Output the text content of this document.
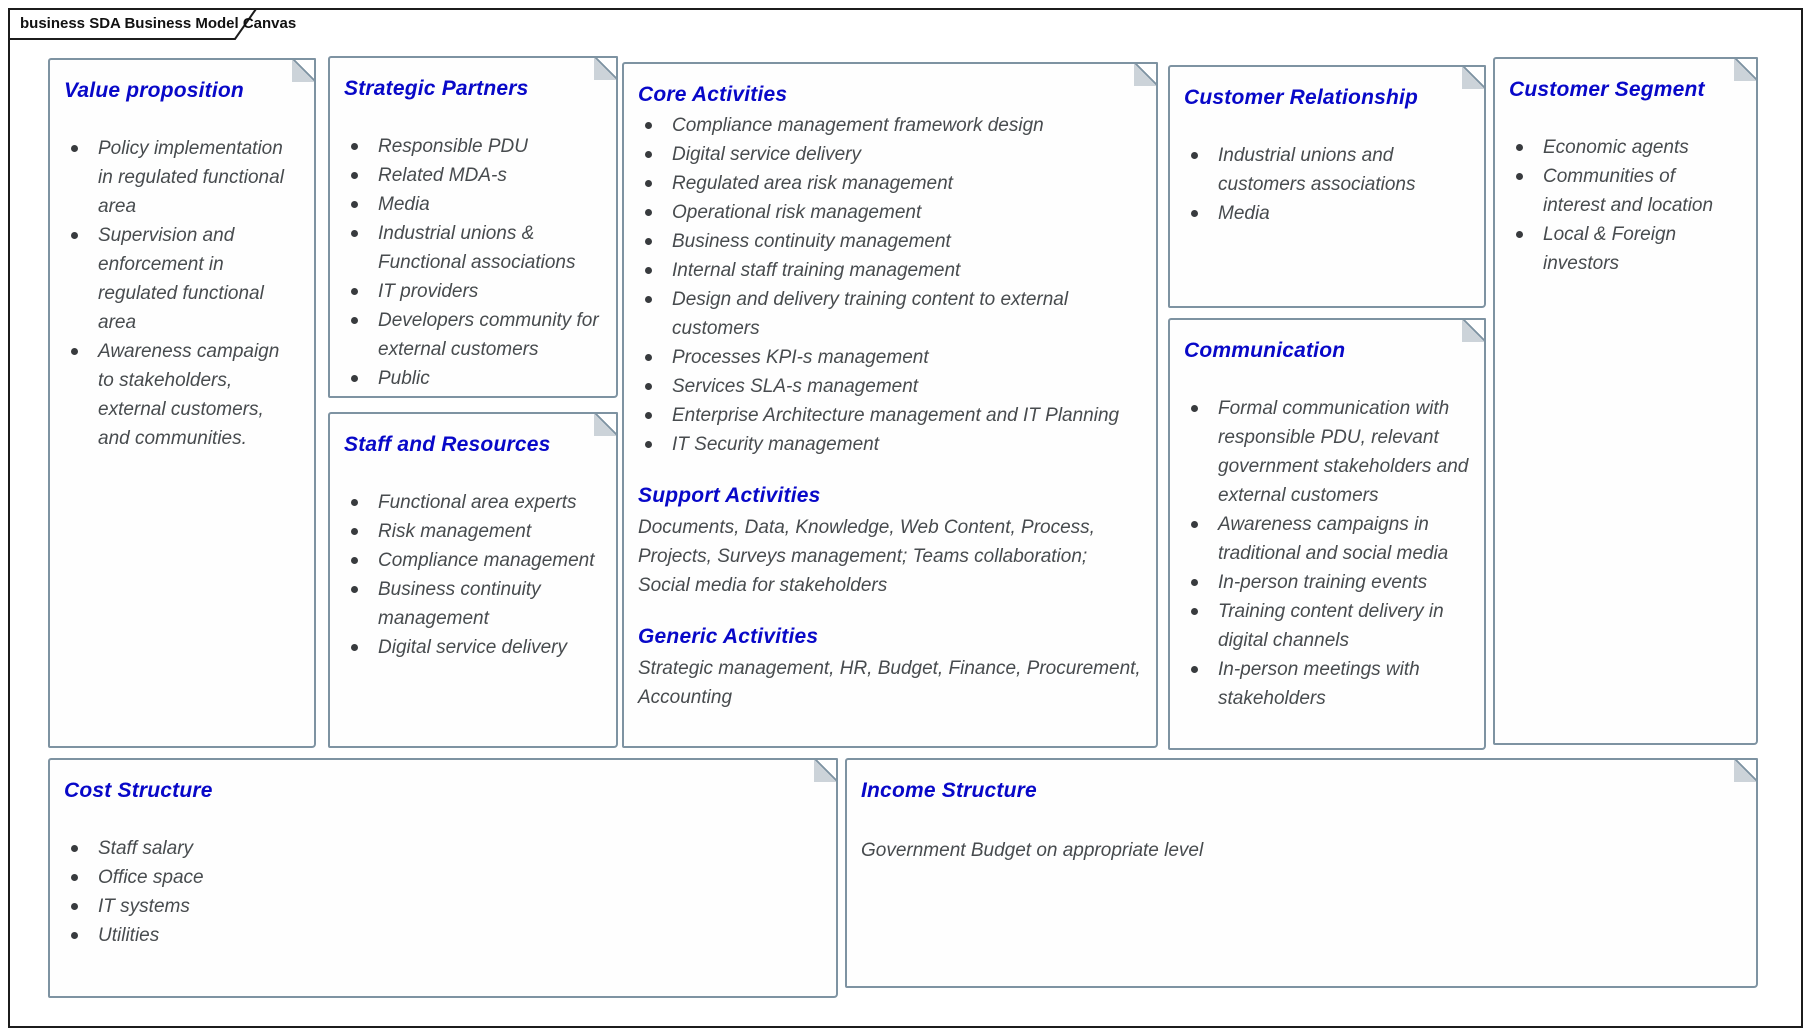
business SDA Business Model Canvas
Value proposition
Policy implementation in regulated functional area
Supervision and enforcement in regulated functional area
Awareness campaign to stakeholders, external customers, and communities.
Strategic Partners
Responsible PDU
Related MDA-s
Media
Industrial unions & Functional associations
IT providers
Developers community for external customers
Public
Staff and Resources
Functional area experts
Risk management
Compliance management
Business continuity management
Digital service delivery
Core Activities
Compliance management framework design
Digital service delivery
Regulated area risk management
Operational risk management
Business continuity management
Internal staff training management
Design and delivery training content to external customers
Processes KPI-s management
Services SLA-s management
Enterprise Architecture management and IT Planning
IT Security management
Support Activities

Documents, Data, Knowledge, Web Content, Process, Projects, Surveys management; Teams collaboration; Social media for stakeholders

Generic Activities

Strategic management, HR, Budget, Finance, Procurement, Accounting

Customer Relationship
Industrial unions and customers associations
Media
Communication
Formal communication with responsible PDU, relevant government stakeholders and external customers
Awareness campaigns in traditional and social media
In-person training events
Training content delivery in digital channels
In-person meetings with stakeholders
Customer Segment
Economic agents
Communities of interest and location
Local & Foreign investors
Cost Structure
Staff salary
Office space
IT systems
Utilities
Income Structure

Government Budget on appropriate level
